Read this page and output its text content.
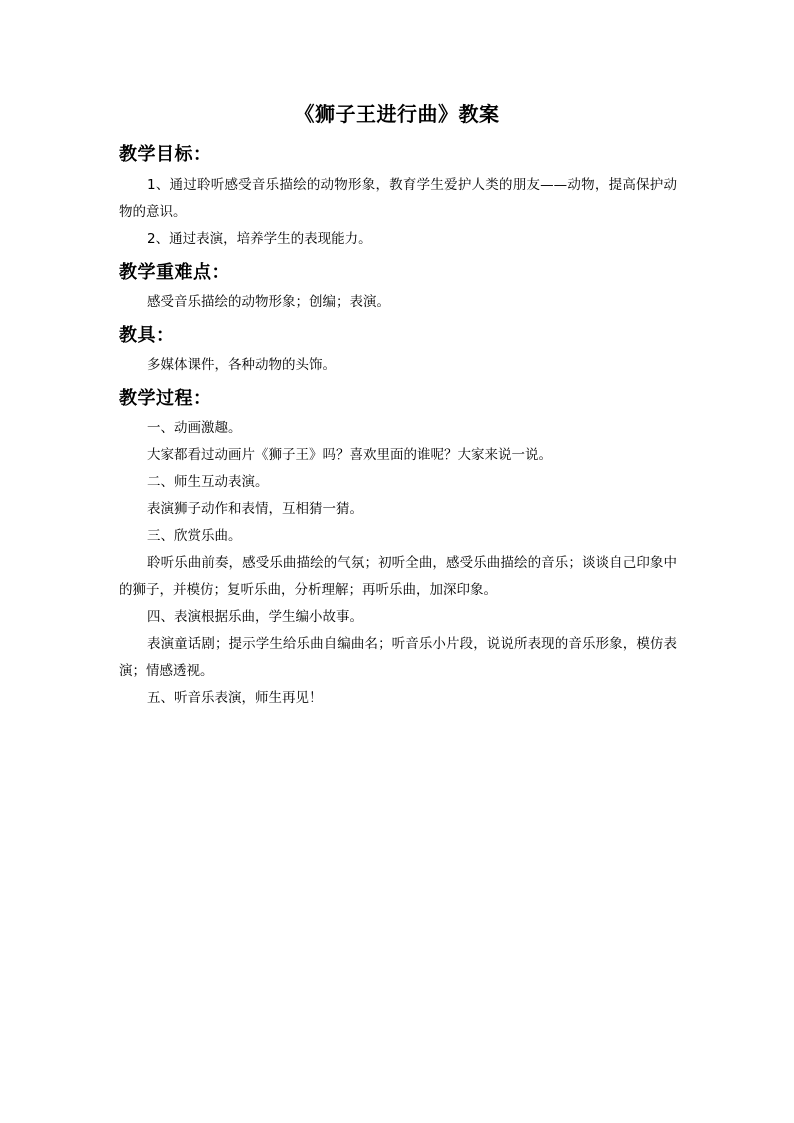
《狮子王进行曲》教案
教学目标：

1、通过聆听感受音乐描绘的动物形象，教育学生爱护人类的朋友——动物，提高保护动物的意识。

2、通过表演，培养学生的表现能力。

教学重难点：

感受音乐描绘的动物形象；创编；表演。

教具：

多媒体课件，各种动物的头饰。

教学过程：

一、动画激趣。

大家都看过动画片《狮子王》吗？喜欢里面的谁呢？大家来说一说。

二、师生互动表演。

表演狮子动作和表情，互相猜一猜。

三、欣赏乐曲。

聆听乐曲前奏，感受乐曲描绘的气氛；初听全曲，感受乐曲描绘的音乐；谈谈自己印象中的狮子，并模仿；复听乐曲，分析理解；再听乐曲，加深印象。

四、表演根据乐曲，学生编小故事。

表演童话剧；提示学生给乐曲自编曲名；听音乐小片段，说说所表现的音乐形象，模仿表演；情感透视。

五、听音乐表演，师生再见！
